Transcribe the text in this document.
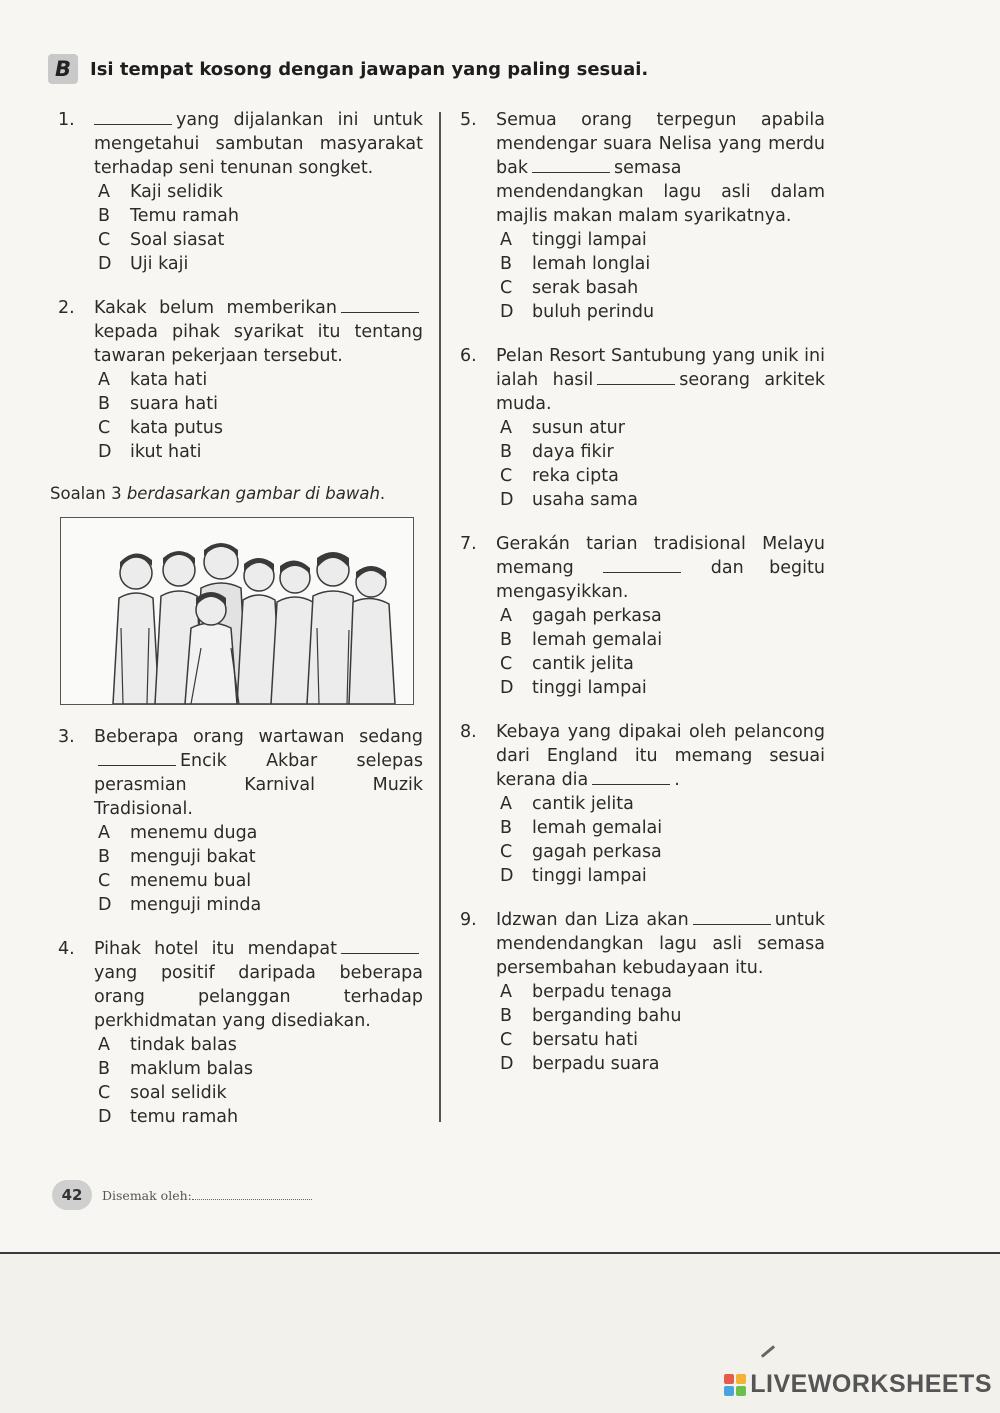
B	Isi tempat kosong dengan jawapan yang paling sesuai.
1.	yang dijalankan ini untuk mengetahui sambutan masyarakat terhadap seni tenunan songket.
A	Kaji selidik
B	Temu ramah
C	Soal siasat
D	Uji kaji
2.	Kakak belum memberikankepada pihak syarikat itu tentang tawaran pekerjaan tersebut.
A	kata hati
B	suara hati
C	kata putus
D	ikut hati
Soalan 3 berdasarkan gambar di bawah.
3.	Beberapa orang wartawan sedang Encik Akbar selepas perasmian Karnival Muzik Tradisional.
A	menemu duga
B	menguji bakat
C	menemu bual
D	menguji minda
4.	Pihak hotel itu mendapatyang positif daripada beberapa orang pelanggan terhadap perkhidmatan yang disediakan.
A	tindak balas
B	maklum balas
C	soal selidik
D	temu ramah
5.	Semua orang terpegun apabila mendengar suara Nelisa yang merdu bak	semasa mendendangkan lagu asli dalam majlis makan malam syarikatnya.
A	tinggi lampai
B	lemah longlai
C	serak basah
D	buluh perindu
6.	Pelan Resort Santubung yang unik ini ialah hasil	seorang arkitek muda.
A	susun atur
B	daya fikir
C	reka cipta
D	usaha sama
7.	Gerakán tarian tradisional Melayu memang	dan begitu mengasyikkan.
A	gagah perkasa
B	lemah gemalai
C	cantik jelita
D	tinggi lampai
8.	Kebaya yang dipakai oleh pelancong dari England itu memang sesuai kerana dia	.
A	cantik jelita
B	lemah gemalai
C	gagah perkasa
D	tinggi lampai
9.	Idzwan dan Liza akan	untuk mendendangkan lagu asli semasa persembahan kebudayaan itu.
A	berpadu tenaga
B	berganding bahu
C	bersatu hati
D	berpadu suara
42	Disemak oleh:
LIVEWORKSHEETS
